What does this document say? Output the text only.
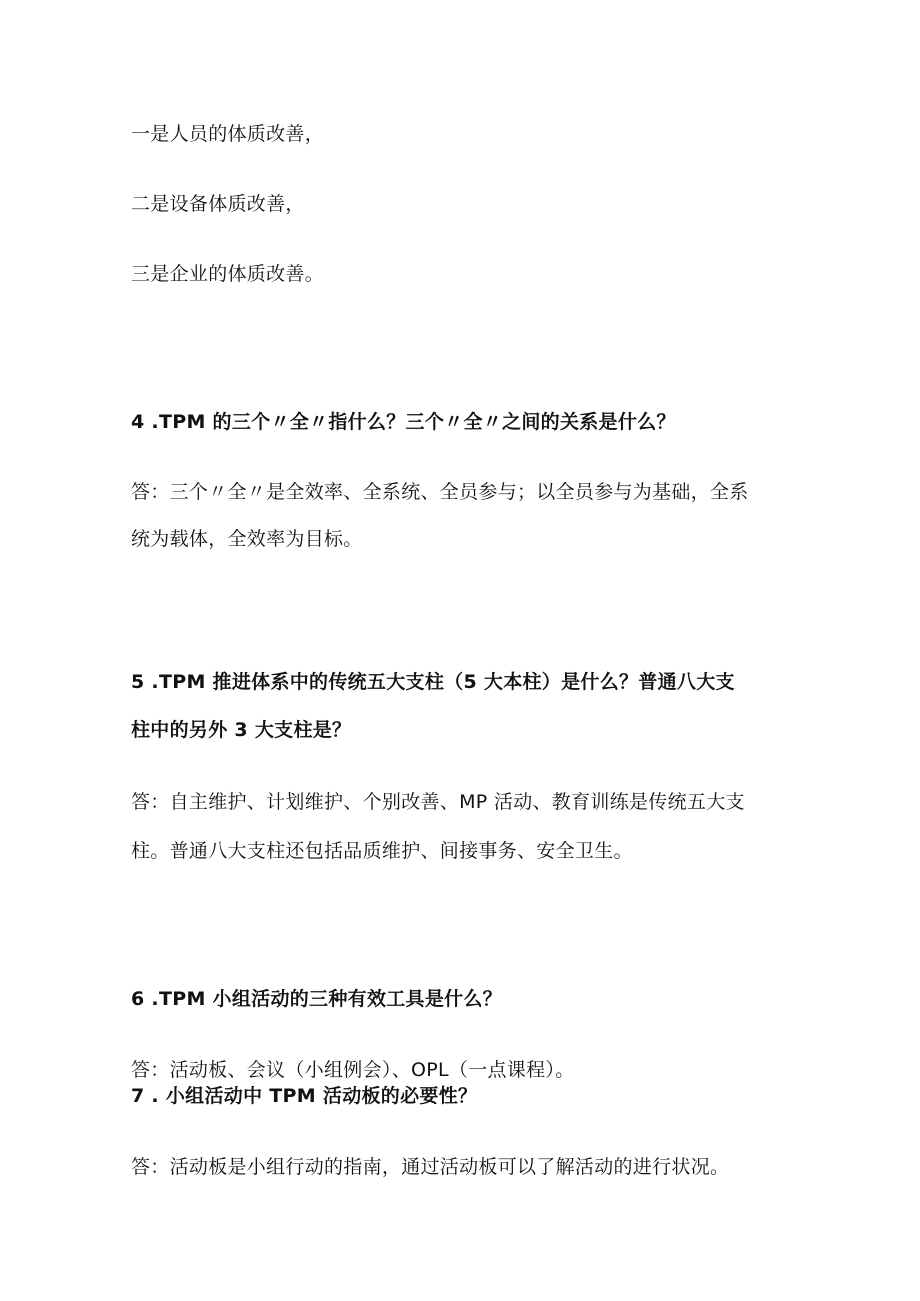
一是人员的体质改善，
二是设备体质改善，
三是企业的体质改善。
4 .TPM 的三个〃全〃指什么？三个〃全〃之间的关系是什么？
答：三个〃全〃是全效率、全系统、全员参与；以全员参与为基础，全系
统为载体，全效率为目标。
5 .TPM 推进体系中的传统五大支柱（5 大本柱）是什么？普通八大支
柱中的另外 3 大支柱是？
答：自主维护、计划维护、个别改善、MP 活动、教育训练是传统五大支
柱。普通八大支柱还包括品质维护、间接事务、安全卫生。
6 .TPM 小组活动的三种有效工具是什么？
答：活动板、会议（小组例会）、OPL（一点课程）。
7 . 小组活动中 TPM 活动板的必要性？
答：活动板是小组行动的指南，通过活动板可以了解活动的进行状况。
